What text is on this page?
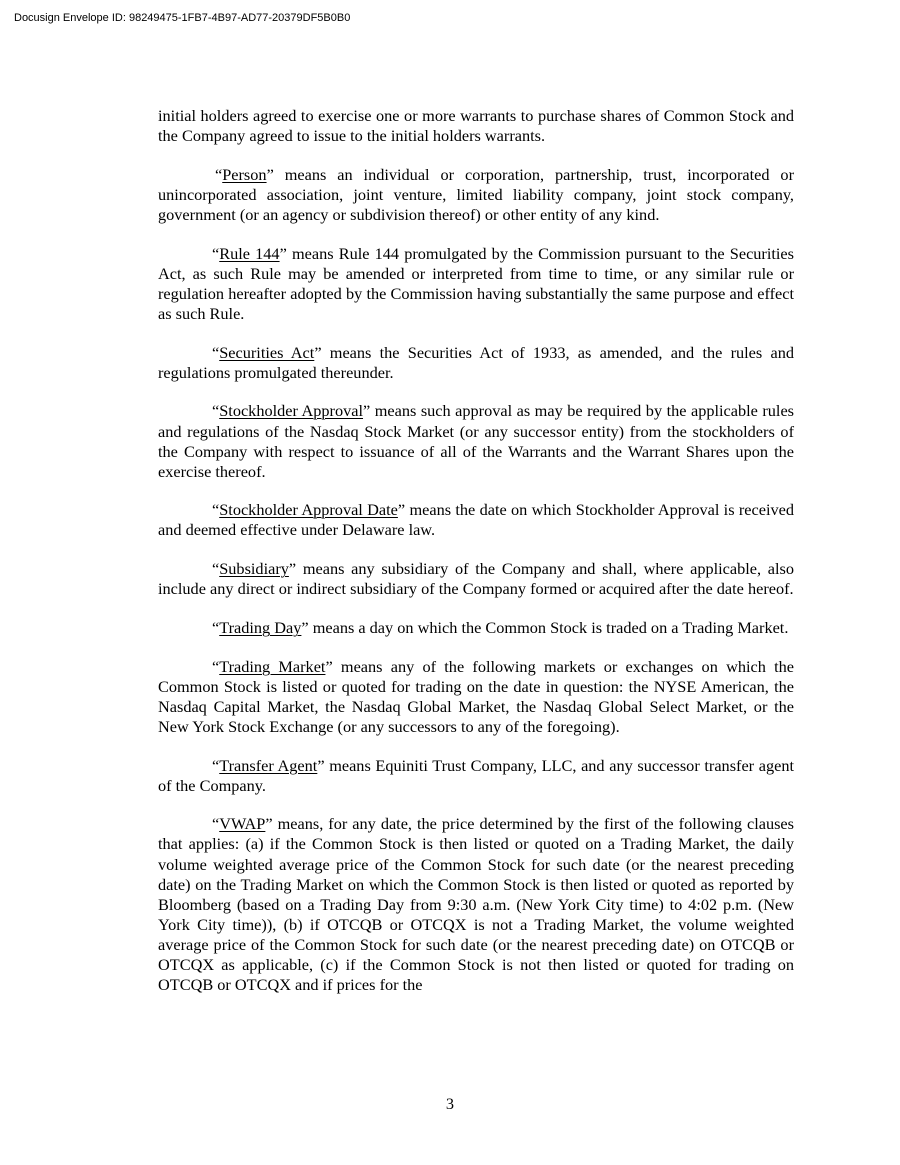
Docusign Envelope ID: 98249475-1FB7-4B97-AD77-20379DF5B0B0

initial holders agreed to exercise one or more warrants to purchase shares of Common Stock and the Company agreed to issue to the initial holders warrants.

“Person” means an individual or corporation, partnership, trust, incorporated or unincorporated association, joint venture, limited liability company, joint stock company, government (or an agency or subdivision thereof) or other entity of any kind.

“Rule 144” means Rule 144 promulgated by the Commission pursuant to the Securities Act, as such Rule may be amended or interpreted from time to time, or any similar rule or regulation hereafter adopted by the Commission having substantially the same purpose and effect as such Rule.

“Securities Act” means the Securities Act of 1933, as amended, and the rules and regulations promulgated thereunder.

“Stockholder Approval” means such approval as may be required by the applicable rules and regulations of the Nasdaq Stock Market (or any successor entity) from the stockholders of the Company with respect to issuance of all of the Warrants and the Warrant Shares upon the exercise thereof.

“Stockholder Approval Date” means the date on which Stockholder Approval is received and deemed effective under Delaware law.

“Subsidiary” means any subsidiary of the Company and shall, where applicable, also include any direct or indirect subsidiary of the Company formed or acquired after the date hereof.

“Trading Day” means a day on which the Common Stock is traded on a Trading Market.

“Trading Market” means any of the following markets or exchanges on which the Common Stock is listed or quoted for trading on the date in question: the NYSE American, the Nasdaq Capital Market, the Nasdaq Global Market, the Nasdaq Global Select Market, or the New York Stock Exchange (or any successors to any of the foregoing).

“Transfer Agent” means Equiniti Trust Company, LLC, and any successor transfer agent of the Company.

“VWAP” means, for any date, the price determined by the first of the following clauses that applies: (a) if the Common Stock is then listed or quoted on a Trading Market, the daily volume weighted average price of the Common Stock for such date (or the nearest preceding date) on the Trading Market on which the Common Stock is then listed or quoted as reported by Bloomberg (based on a Trading Day from 9:30 a.m. (New York City time) to 4:02 p.m. (New York City time)), (b) if OTCQB or OTCQX is not a Trading Market, the volume weighted average price of the Common Stock for such date (or the nearest preceding date) on OTCQB or OTCQX as applicable, (c) if the Common Stock is not then listed or quoted for trading on OTCQB or OTCQX and if prices for the

3
